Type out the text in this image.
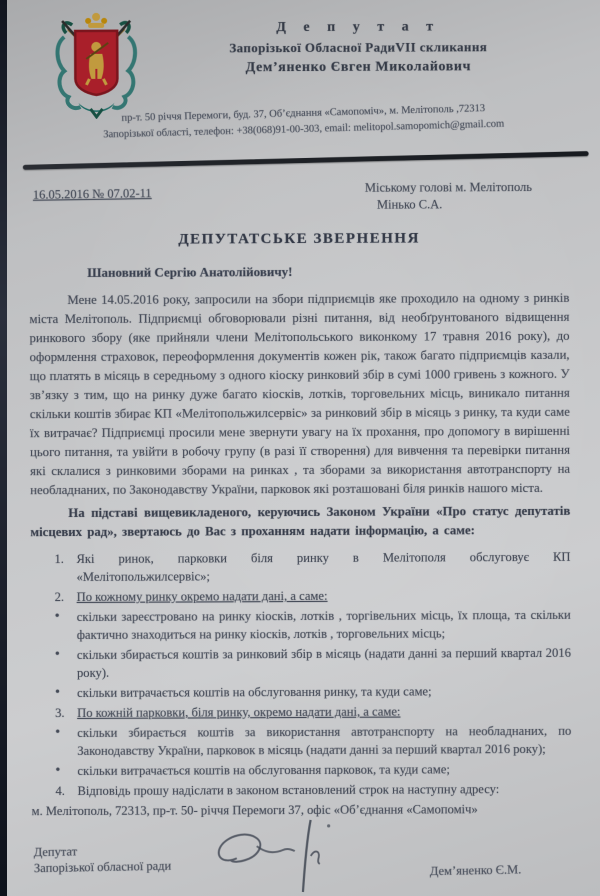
Д е п у т а т
Запорізької Обласної РадиVII скликання
Дем’яненко Євген Миколайович
пр-т. 50 річчя Перемоги, буд. 37, Об’єднання «Самопоміч», м. Мелітополь ,72313
Запорізької області, телефон: +38(068)91-00-303, email: melitopol.samopomich@gmail.com
16.05.2016 № 07.02-11	Міському голові м. Мелітополь
Мінько С.А.
ДЕПУТАТСЬКЕ ЗВЕРНЕННЯ
Шановний Сергію Анатолійовичу!

Мене 14.05.2016 року, запросили на збори підприємців яке проходило на одному з ринків міста Мелітополь. Підприємці обговорювали різні питання, від необґрунтованого відвищення ринкового збору (яке прийняли члени Мелітопольського виконкому 17 травня 2016 року), до оформлення страховок, переоформлення документів кожен рік, також багато підприємців казали, що платять в місяць в середньому з одного кіоску ринковий збір в сумі 1000 гривень з кожного. У зв’язку з тим, що на ринку дуже багато кіосків, лотків, торговельних місць, виникало питання скільки коштів збирає КП «Мелітопольжилсервіс» за ринковий збір в місяць з ринку, та куди саме їх витрачає? Підприємці просили мене звернути увагу на їх прохання, про допомогу в вирішенні цього питання, та увійти в робочу групу (в разі її створення) для вивчення та перевірки питання які склалися з ринковими зборами на ринках , та зборами за використання автотранспорту на необладнаних, по Законодавству України, парковок які розташовані біля ринків нашого міста.

На підставі вищевикладеного, керуючись Законом України «Про статус депутатів місцевих рад», звертаюсь до Вас з проханням надати інформацію, а саме:

1. Які ринок, парковки біля ринку в Мелітополя обслуговує КП «Мелітопольжилсервіс»;
2. По кожному ринку окремо надати дані, а саме:
•	скільки зареєстровано на ринку кіосків, лотків , торгівельних місць, їх площа, та скільки фактично знаходиться на ринку кіосків, лотків , торговельних місць;
•	скільки збирається коштів за ринковий збір в місяць (надати данні за перший квартал 2016 року).
•	скільки витрачається коштів на обслуговання ринку, та куди саме;
3. По кожній парковки, біля ринку, окремо надати дані, а саме:
•	скільки збирається коштів за використання автотранспорту на необладнаних, по Законодавству України, парковок в місяць (надати данні за перший квартал 2016 року);
•	скільки витрачається коштів на обслуговання парковок, та куди саме;
4. Відповідь прошу надіслати в законом встановлений строк на наступну адресу:
м. Мелітополь, 72313, пр-т. 50- річчя Перемоги 37, офіс «Об’єднання «Самопоміч»
Депутат
Запорізької обласної ради	Дем’яненко Є.М.
